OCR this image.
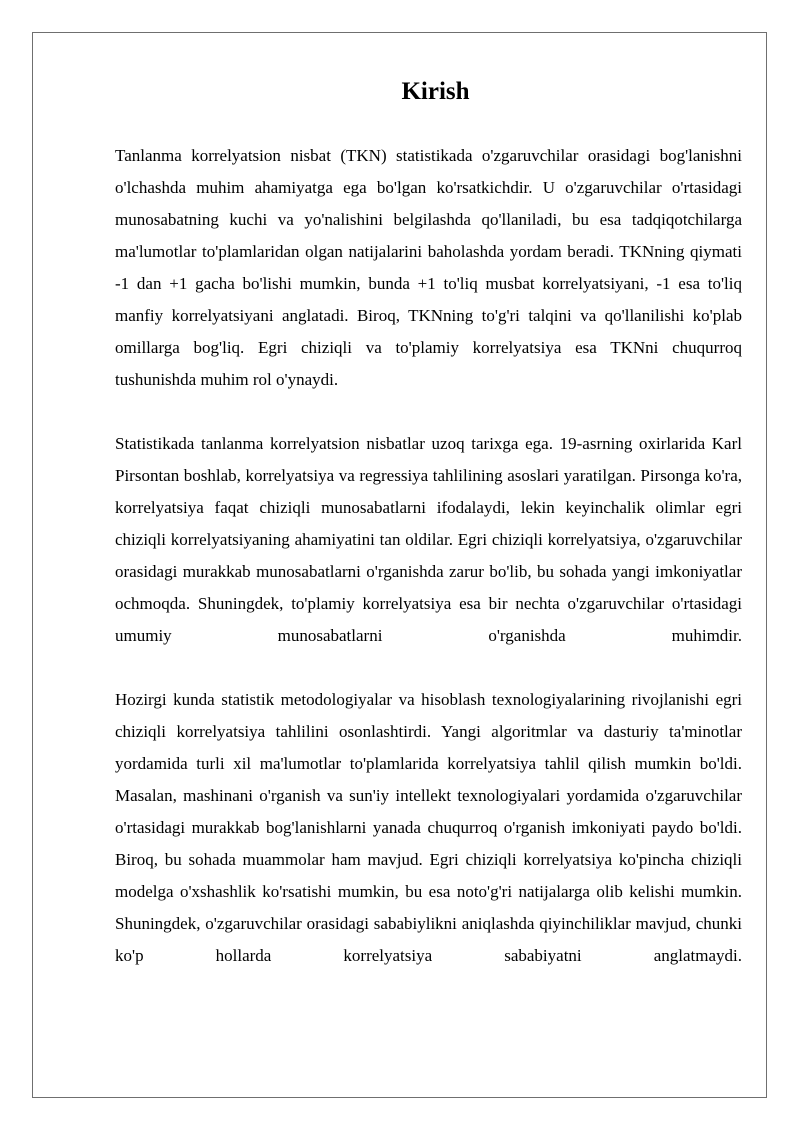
Kirish

Tanlanma korrelyatsion nisbat (TKN) statistikada o'zgaruvchilar orasidagi bog'lanishni o'lchashda muhim ahamiyatga ega bo'lgan ko'rsatkichdir. U o'zgaruvchilar o'rtasidagi munosabatning kuchi va yo'nalishini belgilashda qo'llaniladi, bu esa tadqiqotchilarga ma'lumotlar to'plamlaridan olgan natijalarini baholashda yordam beradi. TKNning qiymati -1 dan +1 gacha bo'lishi mumkin, bunda +1 to'liq musbat korrelyatsiyani, -1 esa to'liq manfiy korrelyatsiyani anglatadi. Biroq, TKNning to'g'ri talqini va qo'llanilishi ko'plab omillarga bog'liq. Egri chiziqli va to'plamiy korrelyatsiya esa TKNni chuqurroq tushunishda muhim rol o'ynaydi.

Statistikada tanlanma korrelyatsion nisbatlar uzoq tarixga ega. 19-asrning oxirlarida Karl Pirsontan boshlab, korrelyatsiya va regressiya tahlilining asoslari yaratilgan. Pirsonga ko'ra, korrelyatsiya faqat chiziqli munosabatlarni ifodalaydi, lekin keyinchalik olimlar egri chiziqli korrelyatsiyaning ahamiyatini tan oldilar. Egri chiziqli korrelyatsiya, o'zgaruvchilar orasidagi murakkab munosabatlarni o'rganishda zarur bo'lib, bu sohada yangi imkoniyatlar ochmoqda. Shuningdek, to'plamiy korrelyatsiya esa bir nechta o'zgaruvchilar o'rtasidagi umumiy munosabatlarni o'rganishda muhimdir.

Hozirgi kunda statistik metodologiyalar va hisoblash texnologiyalarining rivojlanishi egri chiziqli korrelyatsiya tahlilini osonlashtirdi. Yangi algoritmlar va dasturiy ta'minotlar yordamida turli xil ma'lumotlar to'plamlarida korrelyatsiya tahlil qilish mumkin bo'ldi. Masalan, mashinani o'rganish va sun'iy intellekt texnologiyalari yordamida o'zgaruvchilar o'rtasidagi murakkab bog'lanishlarni yanada chuqurroq o'rganish imkoniyati paydo bo'ldi. Biroq, bu sohada muammolar ham mavjud. Egri chiziqli korrelyatsiya ko'pincha chiziqli modelga o'xshashlik ko'rsatishi mumkin, bu esa noto'g'ri natijalarga olib kelishi mumkin. Shuningdek, o'zgaruvchilar orasidagi sababiylikni aniqlashda qiyinchiliklar mavjud, chunki ko'p hollarda korrelyatsiya sababiyatni anglatmaydi.
